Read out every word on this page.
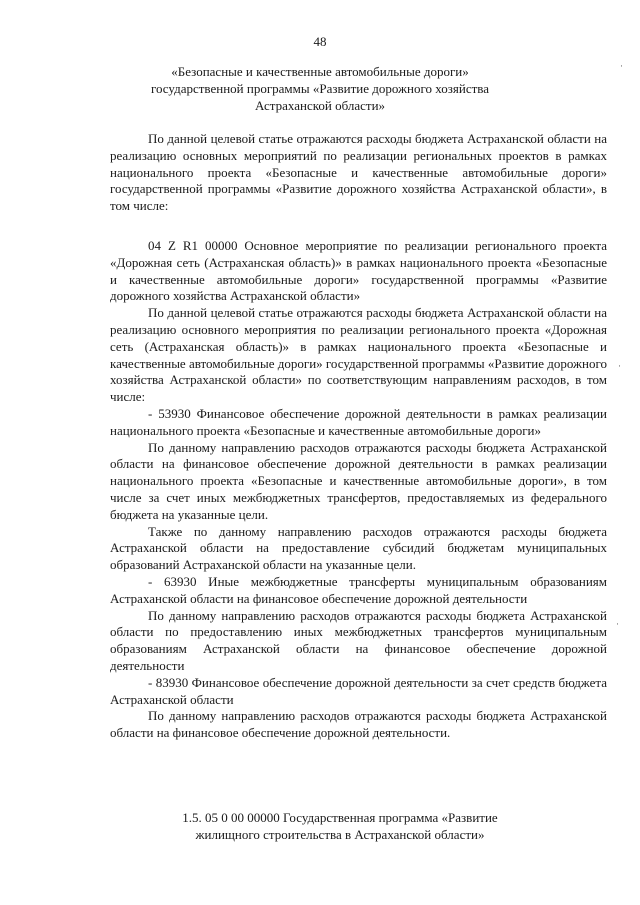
48
«Безопасные и качественные автомобильные дороги»
государственной программы «Развитие дорожного хозяйства
Астраханской области»

По данной целевой статье отражаются расходы бюджета Астраханской области на реализацию основных мероприятий по реализации региональных проектов в рамках национального проекта «Безопасные и качественные автомобильные дороги» государственной программы «Развитие дорожного хозяйства Астраханской области», в том числе:

04 Z R1 00000 Основное мероприятие по реализации регионального проекта «Дорожная сеть (Астраханская область)» в рамках национального проекта «Безопасные и качественные автомобильные дороги» государственной программы «Развитие дорожного хозяйства Астраханской области»

По данной целевой статье отражаются расходы бюджета Астраханской области на реализацию основного мероприятия по реализации регионального проекта «Дорожная сеть (Астраханская область)» в рамках национального проекта «Безопасные и качественные автомобильные дороги» государственной программы «Развитие дорожного хозяйства Астраханской области» по соответствующим направлениям расходов, в том числе:

- 53930 Финансовое обеспечение дорожной деятельности в рамках реализации национального проекта «Безопасные и качественные автомобильные дороги»

По данному направлению расходов отражаются расходы бюджета Астраханской области на финансовое обеспечение дорожной деятельности в рамках реализации национального проекта «Безопасные и качественные автомобильные дороги», в том числе за счет иных межбюджетных трансфертов, предоставляемых из федерального бюджета на указанные цели.

Также по данному направлению расходов отражаются расходы бюджета Астраханской области на предоставление субсидий бюджетам муниципальных образований Астраханской области на указанные цели.

- 63930 Иные межбюджетные трансферты муниципальным образованиям Астраханской области на финансовое обеспечение дорожной деятельности

По данному направлению расходов отражаются расходы бюджета Астраханской области по предоставлению иных межбюджетных трансфертов муниципальным образованиям Астраханской области на финансовое обеспечение дорожной деятельности

- 83930 Финансовое обеспечение дорожной деятельности за счет средств бюджета Астраханской области

По данному направлению расходов отражаются расходы бюджета Астраханской области на финансовое обеспечение дорожной деятельности.

1.5. 05 0 00 00000 Государственная программа «Развитие
жилищного строительства в Астраханской области»
·
·
·
